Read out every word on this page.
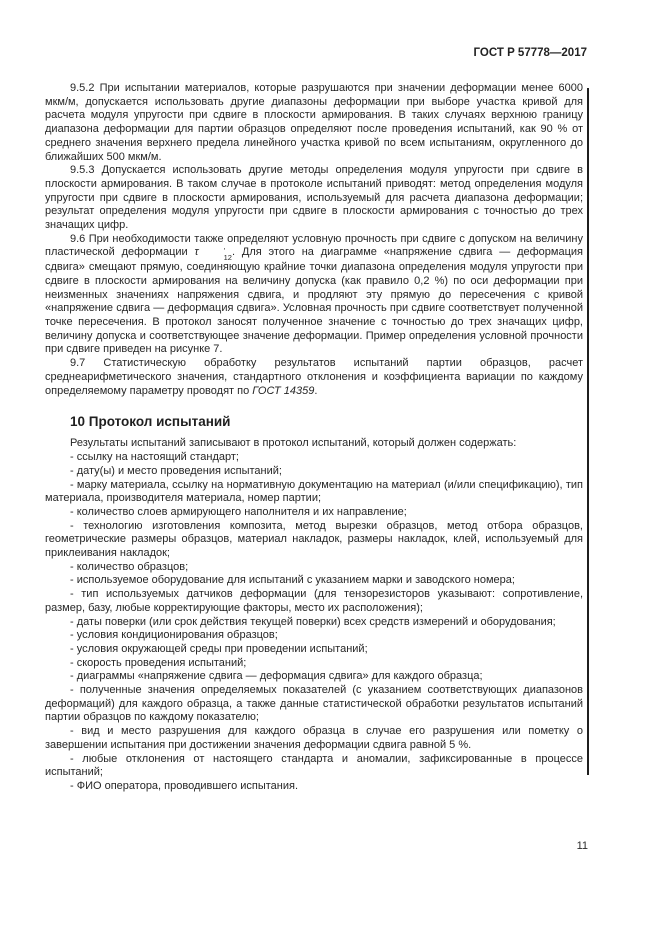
ГОСТ Р 57778—2017

9.5.2 При испытании материалов, которые разрушаются при значении деформации менее 6000 мкм/м, допускается использовать другие диапазоны деформации при выборе участка кривой для расчета модуля упругости при сдвиге в плоскости армирования. В таких случаях верхнюю границу диапазона деформации для партии образцов определяют после проведения испытаний, как 90 % от среднего значения верхнего предела линейного участка кривой по всем испытаниям, округленного до ближайших 500 мкм/м.

9.5.3 Допускается использовать другие методы определения модуля упругости при сдвиге в плоскости армирования. В таком случае в протоколе испытаний приводят: метод определения модуля упругости при сдвиге в плоскости армирования, используемый для расчета диапазона деформации; результат определения модуля упругости при сдвиге в плоскости армирования с точностью до трех значащих цифр.

9.6 При необходимости также определяют условную прочность при сдвиге с допуском на величину пластической деформации τ	′
12 . Для этого на диаграмме «напряжение сдвига — деформация сдвига» смещают прямую, соединяющую крайние точки диапазона определения модуля упругости при сдвиге в плоскости армирования на величину допуска (как правило 0,2 %) по оси деформации при неизменных значениях напряжения сдвига, и продляют эту прямую до пересечения с кривой «напряжение сдвига — деформация сдвига». Условная прочность при сдвиге соответствует полученной точке пересечения. В протокол заносят полученное значение с точностью до трех значащих цифр, величину допуска и соответствующее значение деформации. Пример определения условной прочности при сдвиге приведен на рисунке 7.

9.7 Статистическую обработку результатов испытаний партии образцов, расчет среднеарифметического значения, стандартного отклонения и коэффициента вариации по каждому определяемому параметру проводят по ГОСТ 14359.

10 Протокол испытаний

Результаты испытаний записывают в протокол испытаний, который должен содержать:

- ссылку на настоящий стандарт;

- дату(ы) и место проведения испытаний;

- марку материала, ссылку на нормативную документацию на материал (и/или спецификацию), тип материала, производителя материала, номер партии;

- количество слоев армирующего наполнителя и их направление;

- технологию изготовления композита, метод вырезки образцов, метод отбора образцов, геометрические размеры образцов, материал накладок, размеры накладок, клей, используемый для приклеивания накладок;

- количество образцов;

- используемое оборудование для испытаний с указанием марки и заводского номера;

- тип используемых датчиков деформации (для тензорезисторов указывают: сопротивление, размер, базу, любые корректирующие факторы, место их расположения);

- даты поверки (или срок действия текущей поверки) всех средств измерений и оборудования;

- условия кондиционирования образцов;

- условия окружающей среды при проведении испытаний;

- скорость проведения испытаний;

- диаграммы «напряжение сдвига — деформация сдвига» для каждого образца;

- полученные значения определяемых показателей (с указанием соответствующих диапазонов деформаций) для каждого образца, а также данные статистической обработки результатов испытаний партии образцов по каждому показателю;

- вид и место разрушения для каждого образца в случае его разрушения или пометку о завершении испытания при достижении значения деформации сдвига равной 5 %.

- любые отклонения от настоящего стандарта и аномалии, зафиксированные в процессе испытаний;

- ФИО оператора, проводившего испытания.

11
